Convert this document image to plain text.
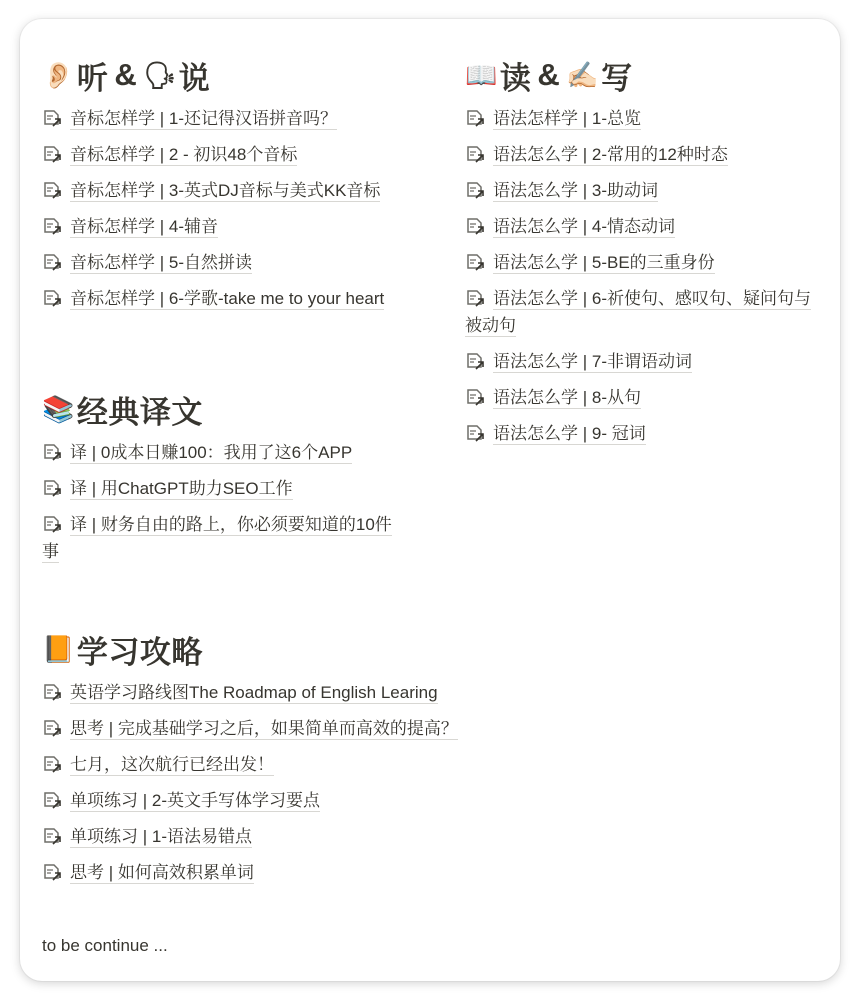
👂🏻 听 & 🗣 说
音标怎样学 | 1-还记得汉语拼音吗？
音标怎样学 | 2 - 初识48个音标
音标怎样学 | 3-英式DJ音标与美式KK音标
音标怎样学 | 4-辅音
音标怎样学 | 5-自然拼读
音标怎样学 | 6-学歌-take me to your heart
📖 读 & ✍🏻 写
语法怎样学 | 1-总览
语法怎么学 | 2-常用的12种时态
语法怎么学 | 3-助动词
语法怎么学 | 4-情态动词
语法怎么学 | 5-BE的三重身份
语法怎么学 | 6-祈使句、感叹句、疑问句与被动句
语法怎么学 | 7-非谓语动词
语法怎么学 | 8-从句
语法怎么学 | 9- 冠词
📚 经典译文
译 | 0成本日赚100：我用了这6个APP
译 | 用ChatGPT助力SEO工作
译 | 财务自由的路上，你必须要知道的10件事
📙 学习攻略
英语学习路线图The Roadmap of English Learing
思考 | 完成基础学习之后，如果简单而高效的提高？
七月，这次航行已经出发！
单项练习 | 2-英文手写体学习要点
单项练习 | 1-语法易错点
思考 | 如何高效积累单词
to be continue ...
